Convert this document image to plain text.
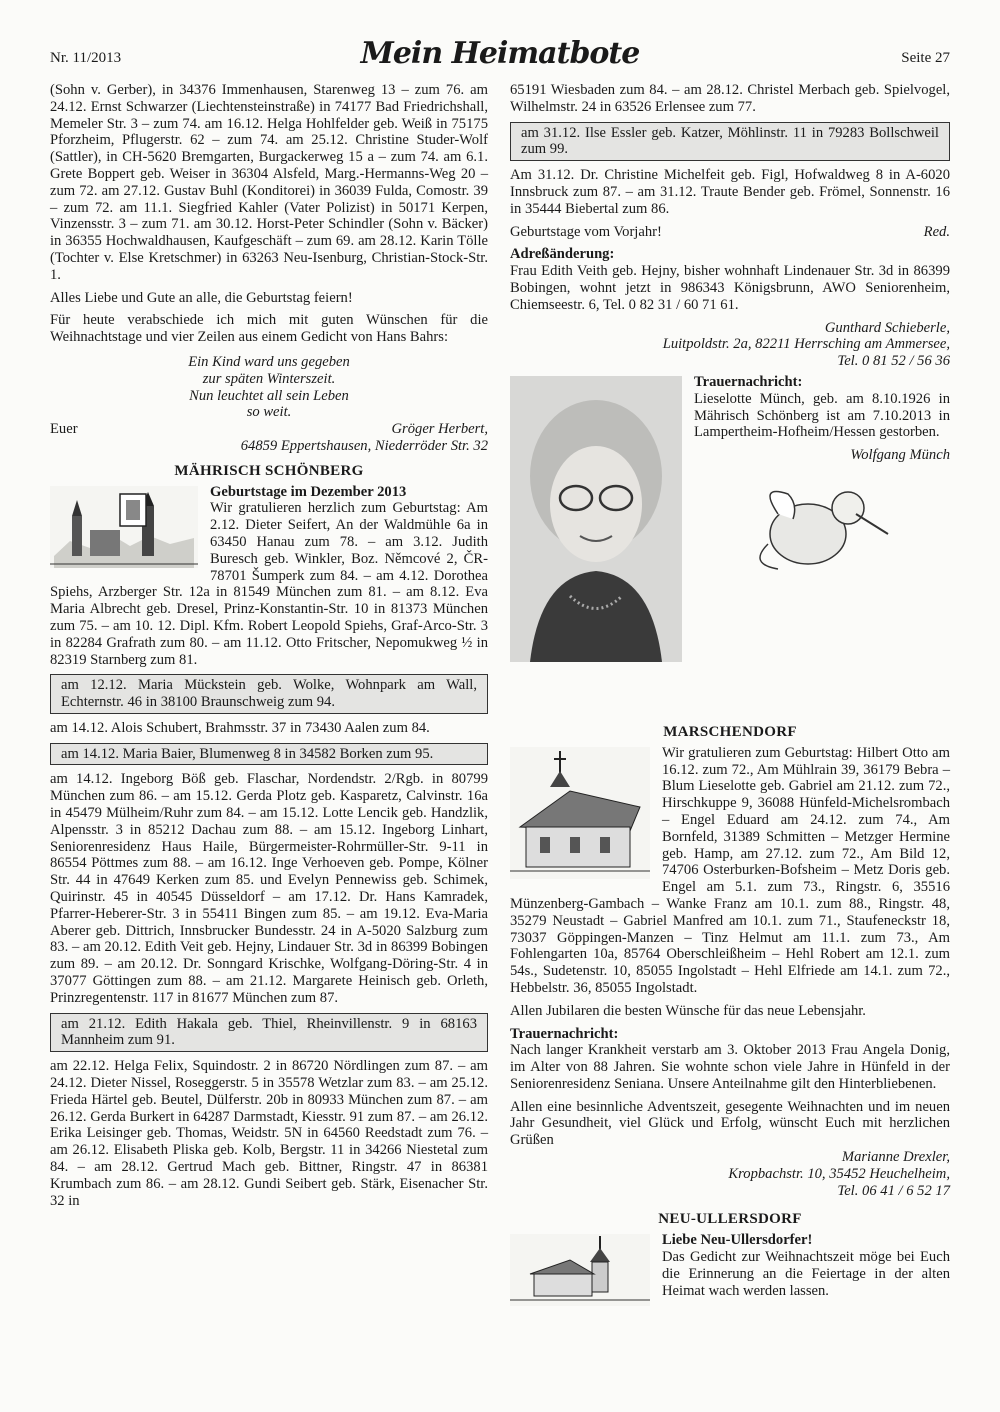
Nr. 11/2013	Mein Heimatbote	Seite 27

(Sohn v. Gerber), in 34376 Immenhausen, Starenweg 13 – zum 76. am 24.12. Ernst Schwarzer (Liechtensteinstraße) in 74177 Bad Friedrichshall, Memeler Str. 3 – zum 74. am 16.12. Helga Hohlfelder geb. Weiß in 75175 Pforzheim, Pflugerstr. 62 – zum 74. am 25.12. Christine Studer-Wolf (Sattler), in CH-5620 Bremgarten, Burgackerweg 15 a – zum 74. am 6.1. Grete Boppert geb. Weiser in 36304 Alsfeld, Marg.-Hermanns-Weg 20 – zum 72. am 27.12. Gustav Buhl (Konditorei) in 36039 Fulda, Comostr. 39 – zum 72. am 11.1. Siegfried Kahler (Vater Polizist) in 50171 Kerpen, Vinzensstr. 3 – zum 71. am 30.12. Horst-Peter Schindler (Sohn v. Bäcker) in 36355 Hochwaldhausen, Kaufgeschäft – zum 69. am 28.12. Karin Tölle (Tochter v. Else Kretschmer) in 63263 Neu-Isenburg, Christian-Stock-Str. 1.

Alles Liebe und Gute an alle, die Geburtstag feiern!

Für heute verabschiede ich mich mit guten Wünschen für die Weihnachtstage und vier Zeilen aus einem Gedicht von Hans Bahrs:

Ein Kind ward uns gegeben
zur späten Winterszeit.
Nun leuchtet all sein Leben
so weit.
Euer	Gröger Herbert,
64859 Eppertshausen, Niederröder Str. 32
MÄHRISCH SCHÖNBERG
Geburtstage im Dezember 2013

Wir gratulieren herzlich zum Geburtstag: Am 2.12. Dieter Seifert, An der Waldmühle 6a in 63450 Hanau zum 78. – am 3.12. Judith Buresch geb. Winkler, Boz. Němcové 2, ČR-78701 Šumperk zum 84. – am 4.12. Dorothea Spiehs, Arzberger Str. 12a in 81549 München zum 81. – am 8.12. Eva Maria Albrecht geb. Dresel, Prinz-Konstantin-Str. 10 in 81373 München zum 75. – am 10. 12. Dipl. Kfm. Robert Leopold Spiehs, Graf-Arco-Str. 3 in 82284 Grafrath zum 80. – am 11.12. Otto Fritscher, Nepomukweg ½ in 82319 Starnberg zum 81.

am 12.12. Maria Mückstein geb. Wolke, Wohnpark am Wall, Echternstr. 46 in 38100 Braunschweig zum 94.

am 14.12. Alois Schubert, Brahmsstr. 37 in 73430 Aalen zum 84.

am 14.12. Maria Baier, Blumenweg 8 in 34582 Borken zum 95.

am 14.12. Ingeborg Böß geb. Flaschar, Nordendstr. 2/Rgb. in 80799 München zum 86. – am 15.12. Gerda Plotz geb. Kasparetz, Calvinstr. 16a in 45479 Mülheim/Ruhr zum 84. – am 15.12. Lotte Lencik geb. Handzlik, Alpensstr. 3 in 85212 Dachau zum 88. – am 15.12. Ingeborg Linhart, Seniorenresidenz Haus Haile, Bürgermeister-Rohrmüller-Str. 9-11 in 86554 Pöttmes zum 88. – am 16.12. Inge Verhoeven geb. Pompe, Kölner Str. 44 in 47649 Kerken zum 85. und Evelyn Pennewiss geb. Schimek, Quirinstr. 45 in 40545 Düsseldorf – am 17.12. Dr. Hans Kamradek, Pfarrer-Heberer-Str. 3 in 55411 Bingen zum 85. – am 19.12. Eva-Maria Aberer geb. Dittrich, Innsbrucker Bundesstr. 24 in A-5020 Salzburg zum 83. – am 20.12. Edith Veit geb. Hejny, Lindauer Str. 3d in 86399 Bobingen zum 89. – am 20.12. Dr. Sonngard Krischke, Wolfgang-Döring-Str. 4 in 37077 Göttingen zum 88. – am 21.12. Margarete Heinisch geb. Orleth, Prinzregentenstr. 117 in 81677 München zum 87.

am 21.12. Edith Hakala geb. Thiel, Rheinvillenstr. 9 in 68163 Mannheim zum 91.

am 22.12. Helga Felix, Squindostr. 2 in 86720 Nördlingen zum 87. – am 24.12. Dieter Nissel, Roseggerstr. 5 in 35578 Wetzlar zum 83. – am 25.12. Frieda Härtel geb. Beutel, Dülferstr. 20b in 80933 München zum 87. – am 26.12. Gerda Burkert in 64287 Darmstadt, Kiesstr. 91 zum 87. – am 26.12. Erika Leisinger geb. Thomas, Weidstr. 5N in 64560 Reedstadt zum 76. – am 26.12. Elisabeth Pliska geb. Kolb, Bergstr. 11 in 34266 Niestetal zum 84. – am 28.12. Gertrud Mach geb. Bittner, Ringstr. 47 in 86381 Krumbach zum 86. – am 28.12. Gundi Seibert geb. Stärk, Eisenacher Str. 32 in

65191 Wiesbaden zum 84. – am 28.12. Christel Merbach geb. Spielvogel, Wilhelmstr. 24 in 63526 Erlensee zum 77.

am 31.12. Ilse Essler geb. Katzer, Möhlinstr. 11 in 79283 Bollschweil zum 99.

Am 31.12. Dr. Christine Michelfeit geb. Figl, Hofwaldweg 8 in A-6020 Innsbruck zum 87. – am 31.12. Traute Bender geb. Frömel, Sonnenstr. 16 in 35444 Biebertal zum 86.

Geburtstage vom Vorjahr!	Red.
Adreßänderung:

Frau Edith Veith geb. Hejny, bisher wohnhaft Lindenauer Str. 3d in 86399 Bobingen, wohnt jetzt in 986343 Königsbrunn, AWO Seniorenheim, Chiemseestr. 6, Tel. 0 82 31 / 60 71 61.

Gunthard Schieberle,
Luitpoldstr. 2a, 82211 Herrsching am Ammersee,
Tel. 0 81 52 / 56 36
Trauernachricht:

Lieselotte Münch, geb. am 8.10.1926 in Mährisch Schönberg ist am 7.10.2013 in Lampertheim-Hofheim/Hessen gestorben.

Wolfgang Münch
MARSCHENDORF

Wir gratulieren zum Geburtstag: Hilbert Otto am 16.12. zum 72., Am Mühlrain 39, 36179 Bebra – Blum Lieselotte geb. Gabriel am 21.12. zum 72., Hirschkuppe 9, 36088 Hünfeld-Michelsrombach – Engel Eduard am 24.12. zum 74., Am Bornfeld, 31389 Schmitten – Metzger Hermine geb. Hamp, am 27.12. zum 72., Am Bild 12, 74706 Osterburken-Bofsheim – Metz Doris geb. Engel am 5.1. zum 73., Ringstr. 6, 35516 Münzenberg-Gambach – Wanke Franz am 10.1. zum 88., Ringstr. 48, 35279 Neustadt – Gabriel Manfred am 10.1. zum 71., Staufeneckstr 18, 73037 Göppingen-Manzen – Tinz Helmut am 11.1. zum 73., Am Fohlengarten 10a, 85764 Oberschleißheim – Hehl Robert am 12.1. zum 54s., Sudetenstr. 10, 85055 Ingolstadt – Hehl Elfriede am 14.1. zum 72., Hebbelstr. 36, 85055 Ingolstadt.

Allen Jubilaren die besten Wünsche für das neue Lebensjahr.

Trauernachricht:

Nach langer Krankheit verstarb am 3. Oktober 2013 Frau Angela Donig, im Alter von 88 Jahren. Sie wohnte schon viele Jahre in Hünfeld in der Seniorenresidenz Seniana. Unsere Anteilnahme gilt den Hinterbliebenen.

Allen eine besinnliche Adventszeit, gesegente Weihnachten und im neuen Jahr Gesundheit, viel Glück und Erfolg, wünscht Euch mit herzlichen Grüßen

Marianne Drexler,
Kropbachstr. 10, 35452 Heuchelheim,
Tel. 06 41 / 6 52 17
NEU-ULLERSDORF
Liebe Neu-Ullersdorfer!

Das Gedicht zur Weihnachtszeit möge bei Euch die Erinnerung an die Feiertage in der alten Heimat wach werden lassen.
